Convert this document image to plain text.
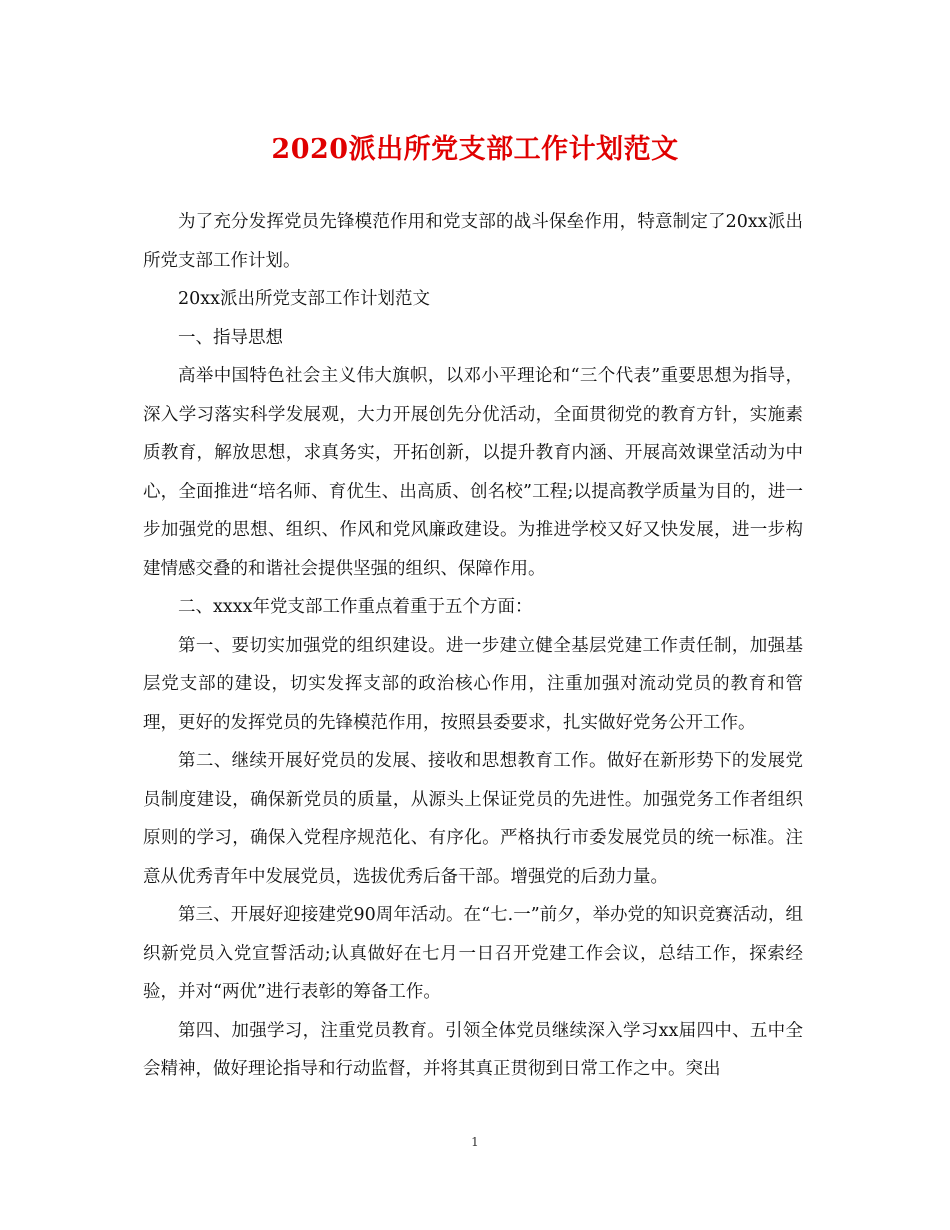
2020派出所党支部工作计划范文

为了充分发挥党员先锋模范作用和党支部的战斗保垒作用，特意制定了20xx派出所党支部工作计划。

20xx派出所党支部工作计划范文

一、指导思想

高举中国特色社会主义伟大旗帜，以邓小平理论和“三个代表”重要思想为指导，深入学习落实科学发展观，大力开展创先分优活动，全面贯彻党的教育方针，实施素质教育，解放思想，求真务实，开拓创新，以提升教育内涵、开展高效课堂活动为中心，全面推进“培名师、育优生、出高质、创名校”工程;以提高教学质量为目的，进一步加强党的思想、组织、作风和党风廉政建设。为推进学校又好又快发展，进一步构建情感交叠的和谐社会提供坚强的组织、保障作用。

二、xxxx年党支部工作重点着重于五个方面：

第一、要切实加强党的组织建设。进一步建立健全基层党建工作责任制，加强基层党支部的建设，切实发挥支部的政治核心作用，注重加强对流动党员的教育和管理，更好的发挥党员的先锋模范作用，按照县委要求，扎实做好党务公开工作。

第二、继续开展好党员的发展、接收和思想教育工作。做好在新形势下的发展党员制度建设，确保新党员的质量，从源头上保证党员的先进性。加强党务工作者组织原则的学习，确保入党程序规范化、有序化。严格执行市委发展党员的统一标准。注意从优秀青年中发展党员，选拔优秀后备干部。增强党的后劲力量。

第三、开展好迎接建党90周年活动。在“七.一”前夕，举办党的知识竞赛活动，组织新党员入党宣誓活动;认真做好在七月一日召开党建工作会议，总结工作，探索经验，并对“两优”进行表彰的筹备工作。

第四、加强学习，注重党员教育。引领全体党员继续深入学习xx届四中、五中全会精神，做好理论指导和行动监督，并将其真正贯彻到日常工作之中。突出

1
